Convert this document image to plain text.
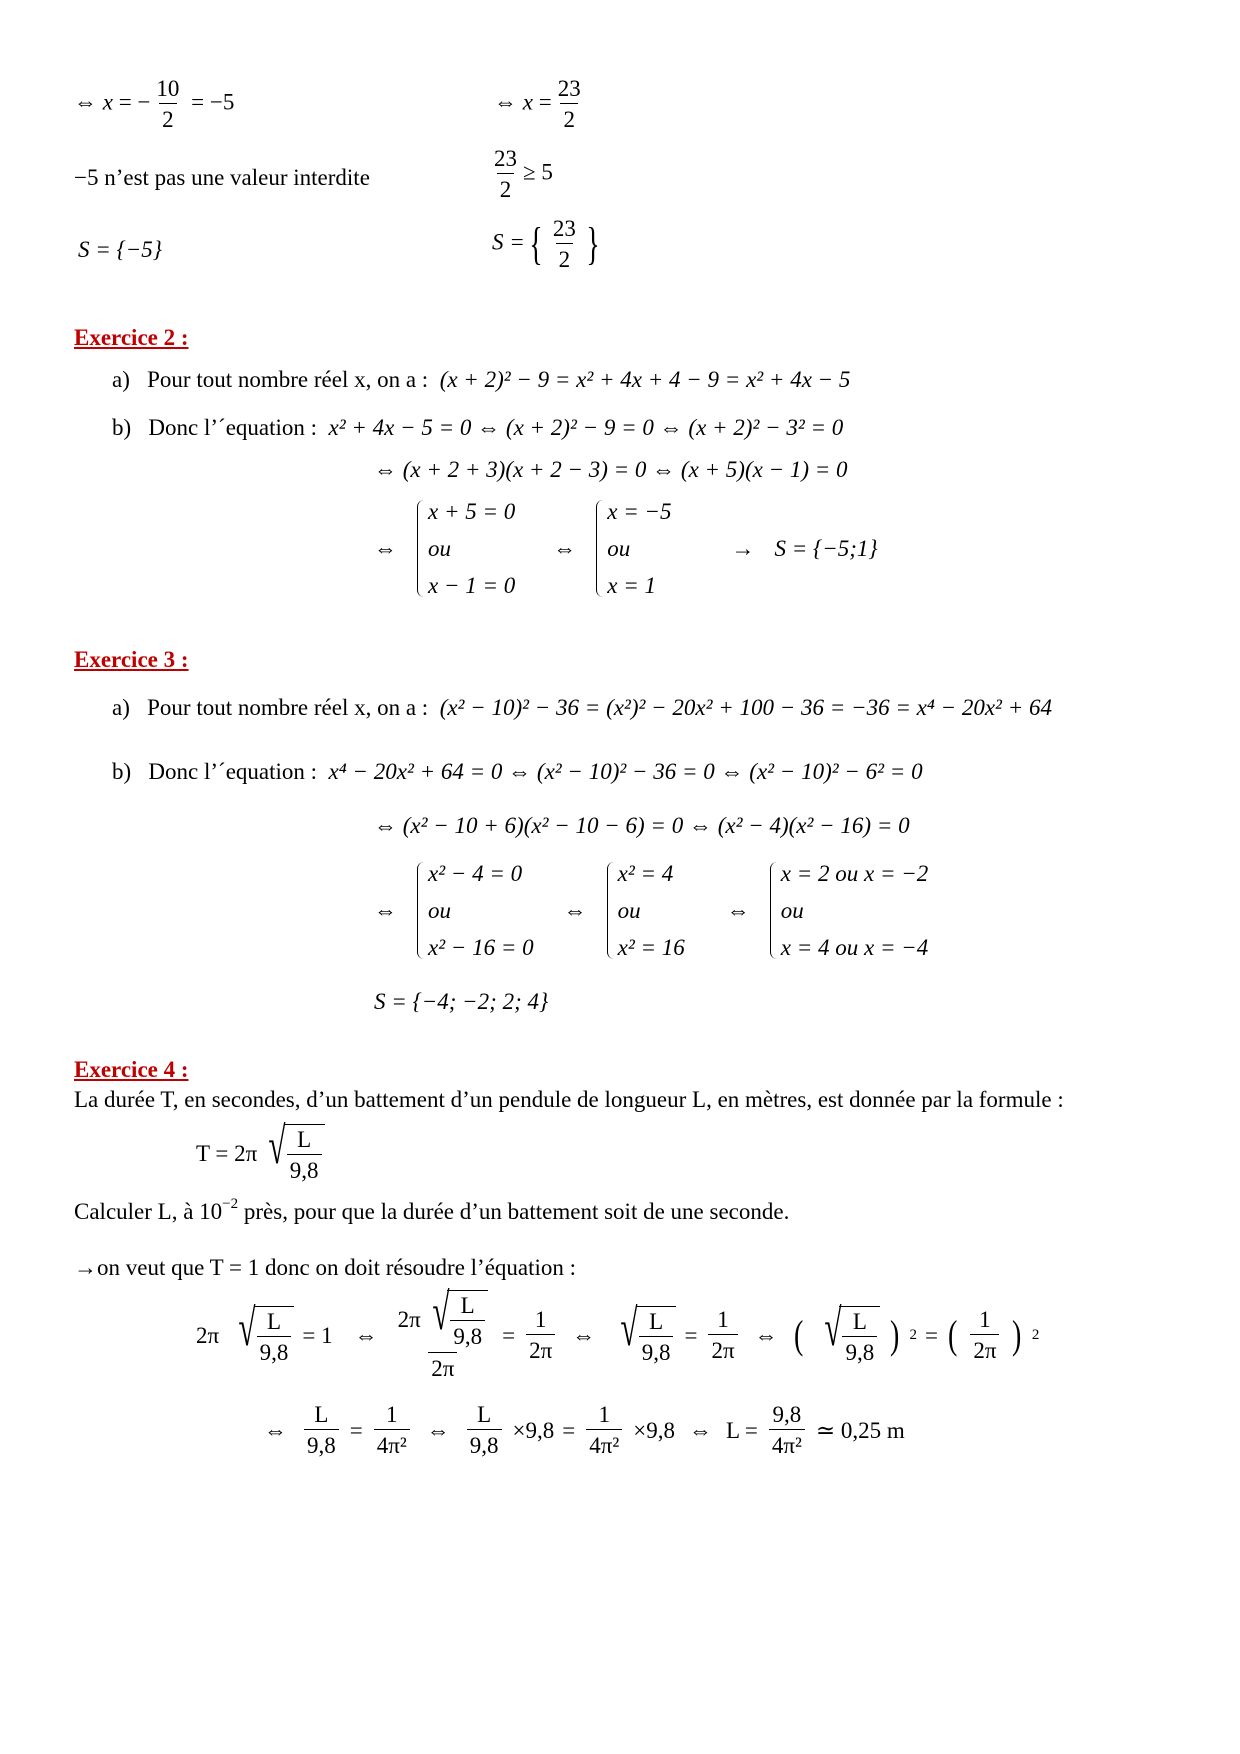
⇔ x = − $\frac{10}{2} = -5$	⇔ $x = \frac{23}{2}$
−5 n’est pas une valeur interdite	$\frac{23}{2} \ge 5$
S = {−5}	S ={ $\frac{23}{2}$ }
Exercice 2 :
a) Pour tout nombre réel x, on a : (x + 2)² − 9 = x² + 4x + 4 − 9 = x² + 4x − 5
b) Donc l’´equation : x² + 4x − 5 = 0 ⇔ (x + 2)² − 9 = 0 ⇔ (x + 2)² − 3² = 0
⇔ (x + 2 + 3)(x + 2 − 3) = 0 ⇔ (x + 5)(x − 1) = 0
⇔
x + 5 = 0
ou
x − 1 = 0
⇔
x = −5
ou
x = 1
→ S = {−5;1}
Exercice 3 :
a) Pour tout nombre réel x, on a : (x² − 10)² − 36 = (x²)² − 20x² + 100 − 36 = −36 = x⁴ − 20x² + 64
b) Donc l’´equation : x⁴ − 20x² + 64 = 0 ⇔ (x² − 10)² − 36 = 0 ⇔ (x² − 10)² − 6² = 0
⇔ (x² − 10 + 6)(x² − 10 − 6) = 0 ⇔ (x² − 4)(x² − 16) = 0
⇔
x² − 4 = 0
ou
x² − 16 = 0
⇔
x² = 4
ou
x² = 16
⇔
x = 2 ou x = −2
ou
x = 4 ou x = −4
S = {−4; −2; 2; 4}
Exercice 4 :
La durée T, en secondes, d’un battement d’un pendule de longueur L, en mètres, est donnée par la formule :
T = 2π √ $\frac{L}{9,8}$
Calculer L, à $10^{-2}$ près, pour que la durée d’un battement soit de une seconde.
→on veut que T = 1 donc on doit résoudre l’équation :
2π √ $\frac{L}{9,8} = 1$ ⇔ $\frac{2\pi √ \frac{L}{9,8}}{2\pi} = \frac{1}{2\pi}$ ⇔ √ $\frac{L}{9,8} = \frac{1}{2\pi}$ ⇔ ( √ $\frac{L}{9,8}$ ) 2 = ( $\frac{1}{2\pi}$ ) 2
⇔ $\frac{L}{9,8} = \frac{1}{\text{4π²}}$ ⇔ $\frac{L}{9,8} \times 9,8 = \frac{1}{\text{4π²}} \times 9,8$ ⇔ $L = \frac{9,8}{\text{4π²}}$ ≃ 0,25 m
